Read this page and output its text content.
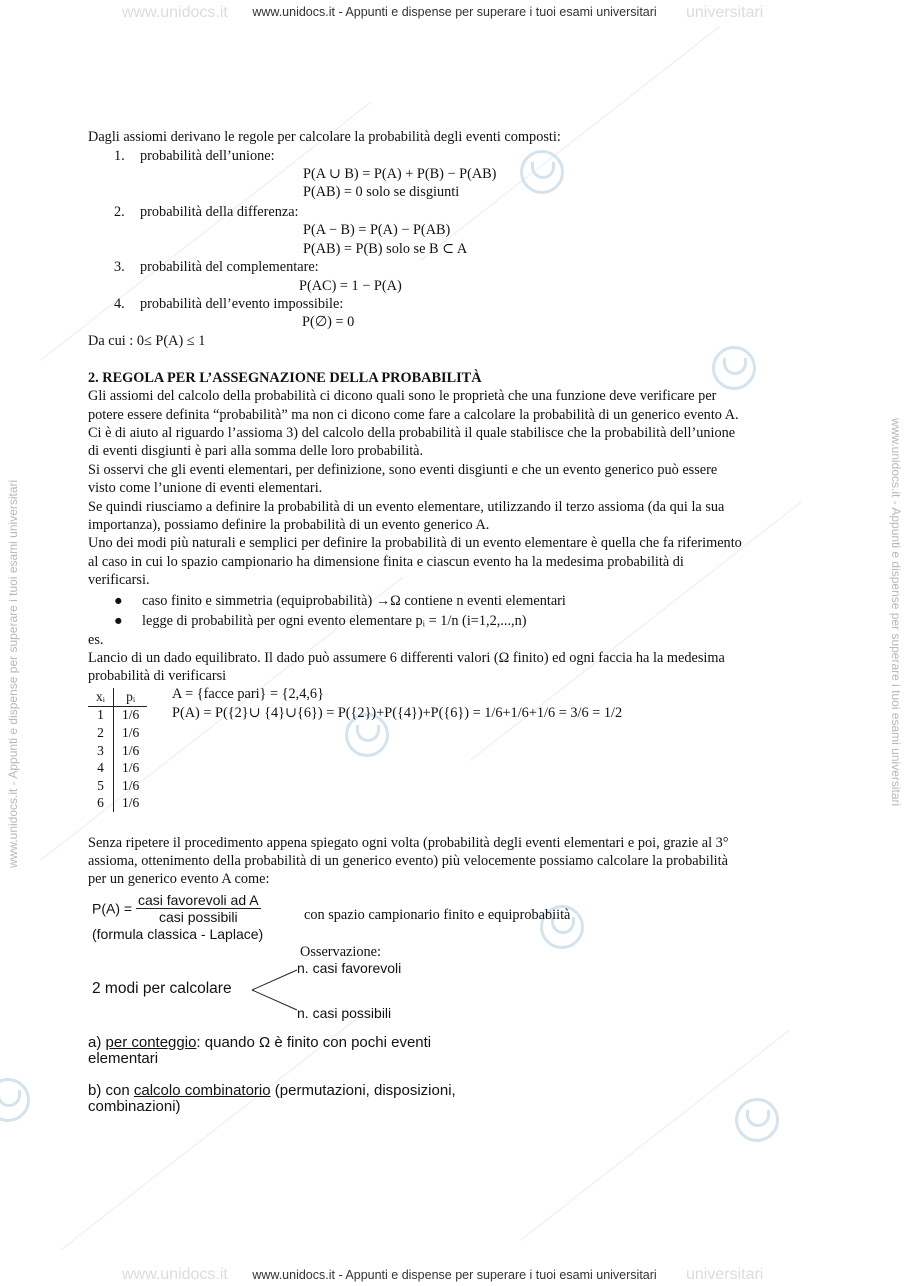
www.unidocs.it	universitari
www.unidocs.it - Appunti e dispense per superare i tuoi esami universitari
www.unidocs.it	universitari
www.unidocs.it - Appunti e dispense per superare i tuoi esami universitari
www.unidocs.it - Appunti e dispense per superare i tuoi esami universitari	www.unidocs.it - Appunti e dispense per superare i tuoi esami universitari
Dagli assiomi derivano le regole per calcolare la probabilità degli eventi composti:
1. probabilità dell’unione:
P(A ∪ B) = P(A) + P(B) − P(AB)
P(AB) = 0 solo se disgiunti
2. probabilità della differenza:
P(A − B) = P(A) − P(AB)
P(AB) = P(B) solo se B ⊂ A
3. probabilità del complementare:
P(AC) = 1 − P(A)
4. probabilità dell’evento impossibile:
P(∅) = 0
Da cui : 0≤ P(A) ≤ 1
2. REGOLA PER L’ASSEGNAZIONE DELLA PROBABILITÀ
Gli assiomi del calcolo della probabilità ci dicono quali sono le proprietà che una funzione deve verificare per
potere essere definita “probabilità” ma non ci dicono come fare a calcolare la probabilità di un generico evento A.
Ci è di aiuto al riguardo l’assioma 3) del calcolo della probabilità il quale stabilisce che la probabilità dell’unione
di eventi disgiunti è pari alla somma delle loro probabilità.
Si osservi che gli eventi elementari, per definizione, sono eventi disgiunti e che un evento generico può essere
visto come l’unione di eventi elementari.
Se quindi riusciamo a definire la probabilità di un evento elementare, utilizzando il terzo assioma (da qui la sua
importanza), possiamo definire la probabilità di un evento generico A.
Uno dei modi più naturali e semplici per definire la probabilità di un evento elementare è quella che fa riferimento
al caso in cui lo spazio campionario ha dimensione finita e ciascun evento ha la medesima probabilità di
verificarsi.
● caso finito e simmetria (equiprobabilità) →Ω contiene n eventi elementari
● legge di probabilità per ogni evento elementare pᵢ = 1/n (i=1,2,...,n)
es.
Lancio di un dado equilibrato. Il dado può assumere 6 differenti valori (Ω finito) ed ogni faccia ha la medesima
probabilità di verificarsi
xᵢ	pᵢ
1	1/6
2	1/6
3	1/6
4	1/6
5	1/6
6	1/6
A = {facce pari} = {2,4,6}
P(A) = P({2}∪ {4}∪{6}) = P({2})+P({4})+P({6}) = 1/6+1/6+1/6 = 3/6 = 1/2
Senza ripetere il procedimento appena spiegato ogni volta (probabilità degli eventi elementari e poi, grazie al 3°
assioma, ottenimento della probabilità di un generico evento) più velocemente possiamo calcolare la probabilità
per un generico evento A come:
$P(A) = \frac{\text{casi favorevoli ad A}}{\text{casi possibili}}$
(formula classica - Laplace)
con spazio campionario finito e equiprobabiità
Osservazione:
n. casi favorevoli
2 modi per calcolare
n. casi possibili
a) per conteggio: quando Ω è finito con pochi eventi
elementari
b) con calcolo combinatorio (permutazioni, disposizioni,
combinazioni)
